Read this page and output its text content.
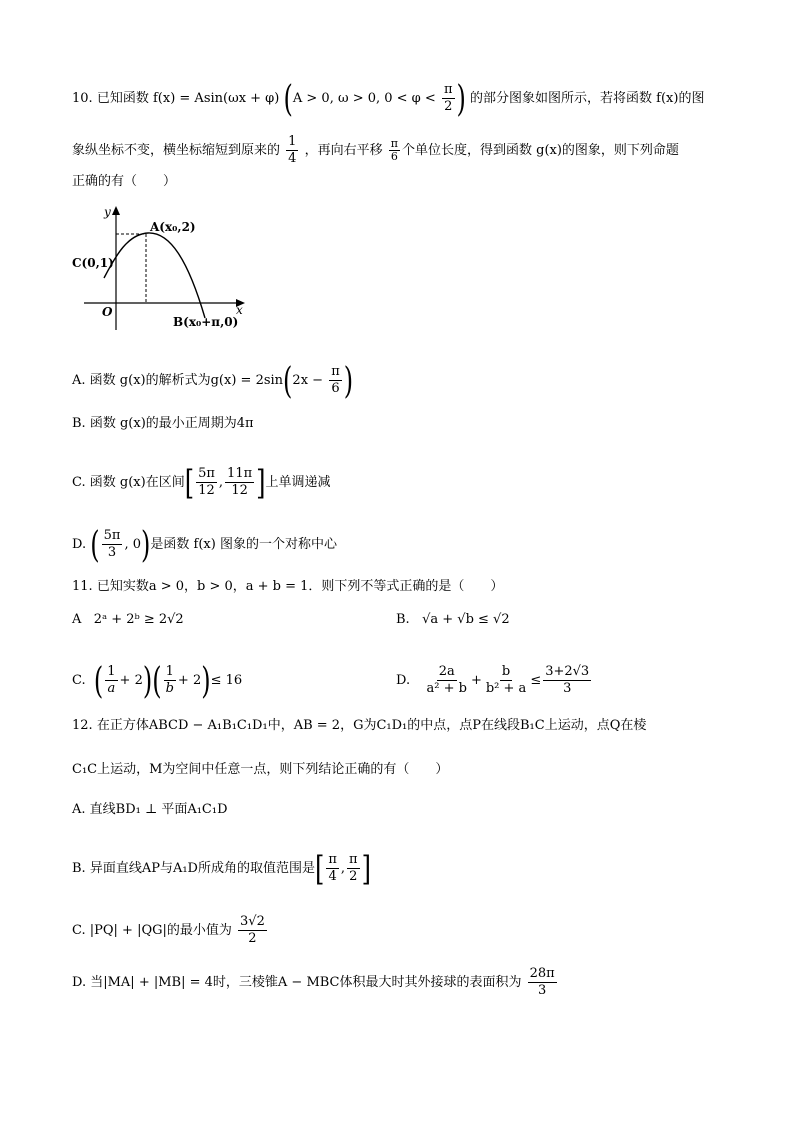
10. 已知函数 f(x) = Asin(ωx + φ) (A > 0, ω > 0, $0 < \varphi < \frac{\pi}{2}$ ) 的部分图象如图所示，若将函数 f(x)的图
象纵坐标不变，横坐标缩短到原来的 $\frac{1}{4}$ ，再向右平移 $\frac{\pi}{6}$ 个单位长度，得到函数 g(x)的图象，则下列命题
正确的有（　　）
y
x
O
C(0,1)
A(x₀,2)
B(x₀+π,0)
A. 函数 g(x)的解析式为$g(x) = 2\sin(2x - \frac{\pi}{6}$ )
B. 函数 g(x)的最小正周期为4π
C. 函数 g(x)在区间[ $\frac{5\pi}{12}$ , $\frac{11\pi}{12}$ ]上单调递减
D. ( $\frac{5\pi}{3}$ , 0)是函数 f(x) 图象的一个对称中心
11. 已知实数a > 0，b > 0，a + b = 1．则下列不等式正确的是（　　）
A 2ᵃ + 2ᵇ ≥ 2√2	B. √a + √b ≤ √2
C. ( $\frac{1}{a} + 2)( \frac{1}{b} + 2)\le 16$	D. $\frac{2a}{\text{a² + b}} + \frac{b}{\text{b² + a}} \le \frac{3+2√3}{3}$
12. 在正方体ABCD − A₁B₁C₁D₁中，AB = 2，G为C₁D₁的中点，点P在线段B₁C上运动，点Q在棱
C₁C上运动，M为空间中任意一点，则下列结论正确的有（　　）
A. 直线BD₁ ⊥ 平面A₁C₁D
B. 异面直线AP与A₁D所成角的取值范围是[ $\frac{\pi}{4}$ , $\frac{\pi}{2}$ ]
C. |PQ| + |QG|的最小值为 $\frac{3√2}{2}$
D. 当|MA| + |MB| = 4时，三棱锥A − MBC体积最大时其外接球的表面积为 $\frac{28\pi}{3}$
